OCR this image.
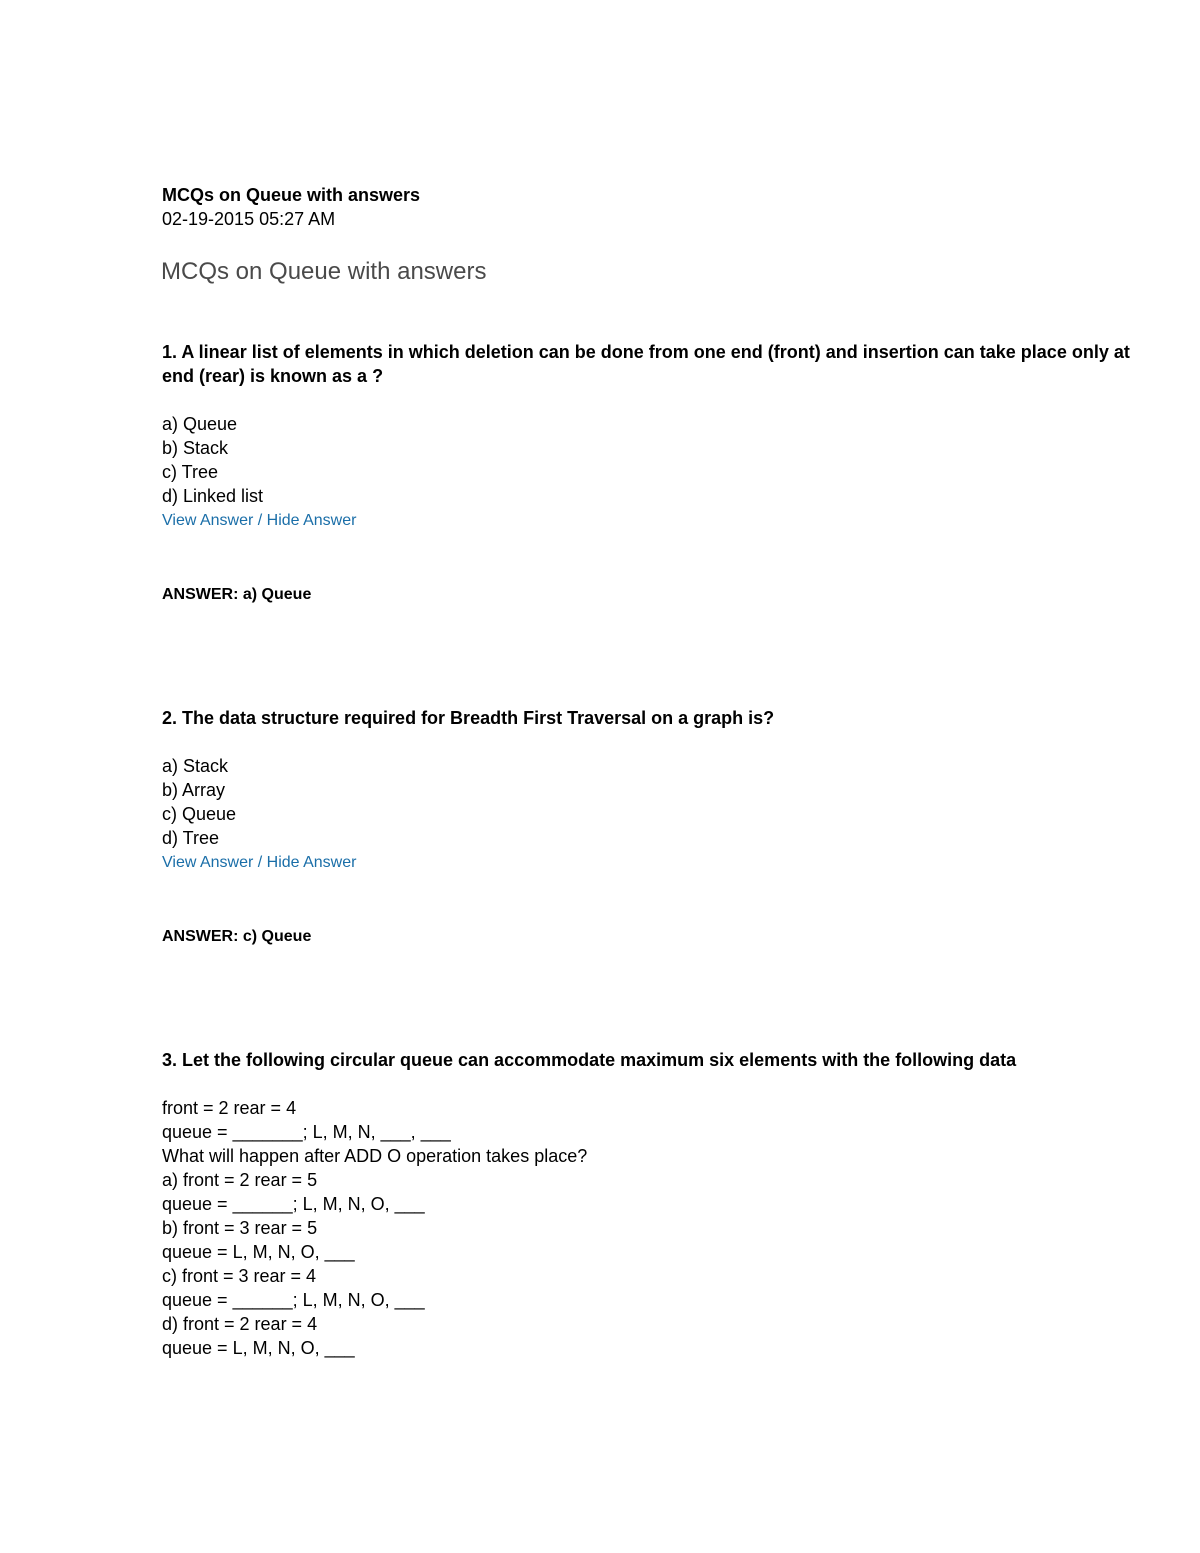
MCQs on Queue with answers
02-19-2015 05:27 AM
MCQs on Queue with answers
1. A linear list of elements in which deletion can be done from one end (front) and insertion can take place only at
end (rear) is known as a ?
a) Queue
b) Stack
c) Tree
d) Linked list
View Answer / Hide Answer
ANSWER: a) Queue
2. The data structure required for Breadth First Traversal on a graph is?
a) Stack
b) Array
c) Queue
d) Tree
View Answer / Hide Answer
ANSWER: c) Queue
3. Let the following circular queue can accommodate maximum six elements with the following data
front = 2 rear = 4
queue = _______; L, M, N, ___, ___
What will happen after ADD O operation takes place?
a) front = 2 rear = 5
queue = ______; L, M, N, O, ___
b) front = 3 rear = 5
queue = L, M, N, O, ___
c) front = 3 rear = 4
queue = ______; L, M, N, O, ___
d) front = 2 rear = 4
queue = L, M, N, O, ___
